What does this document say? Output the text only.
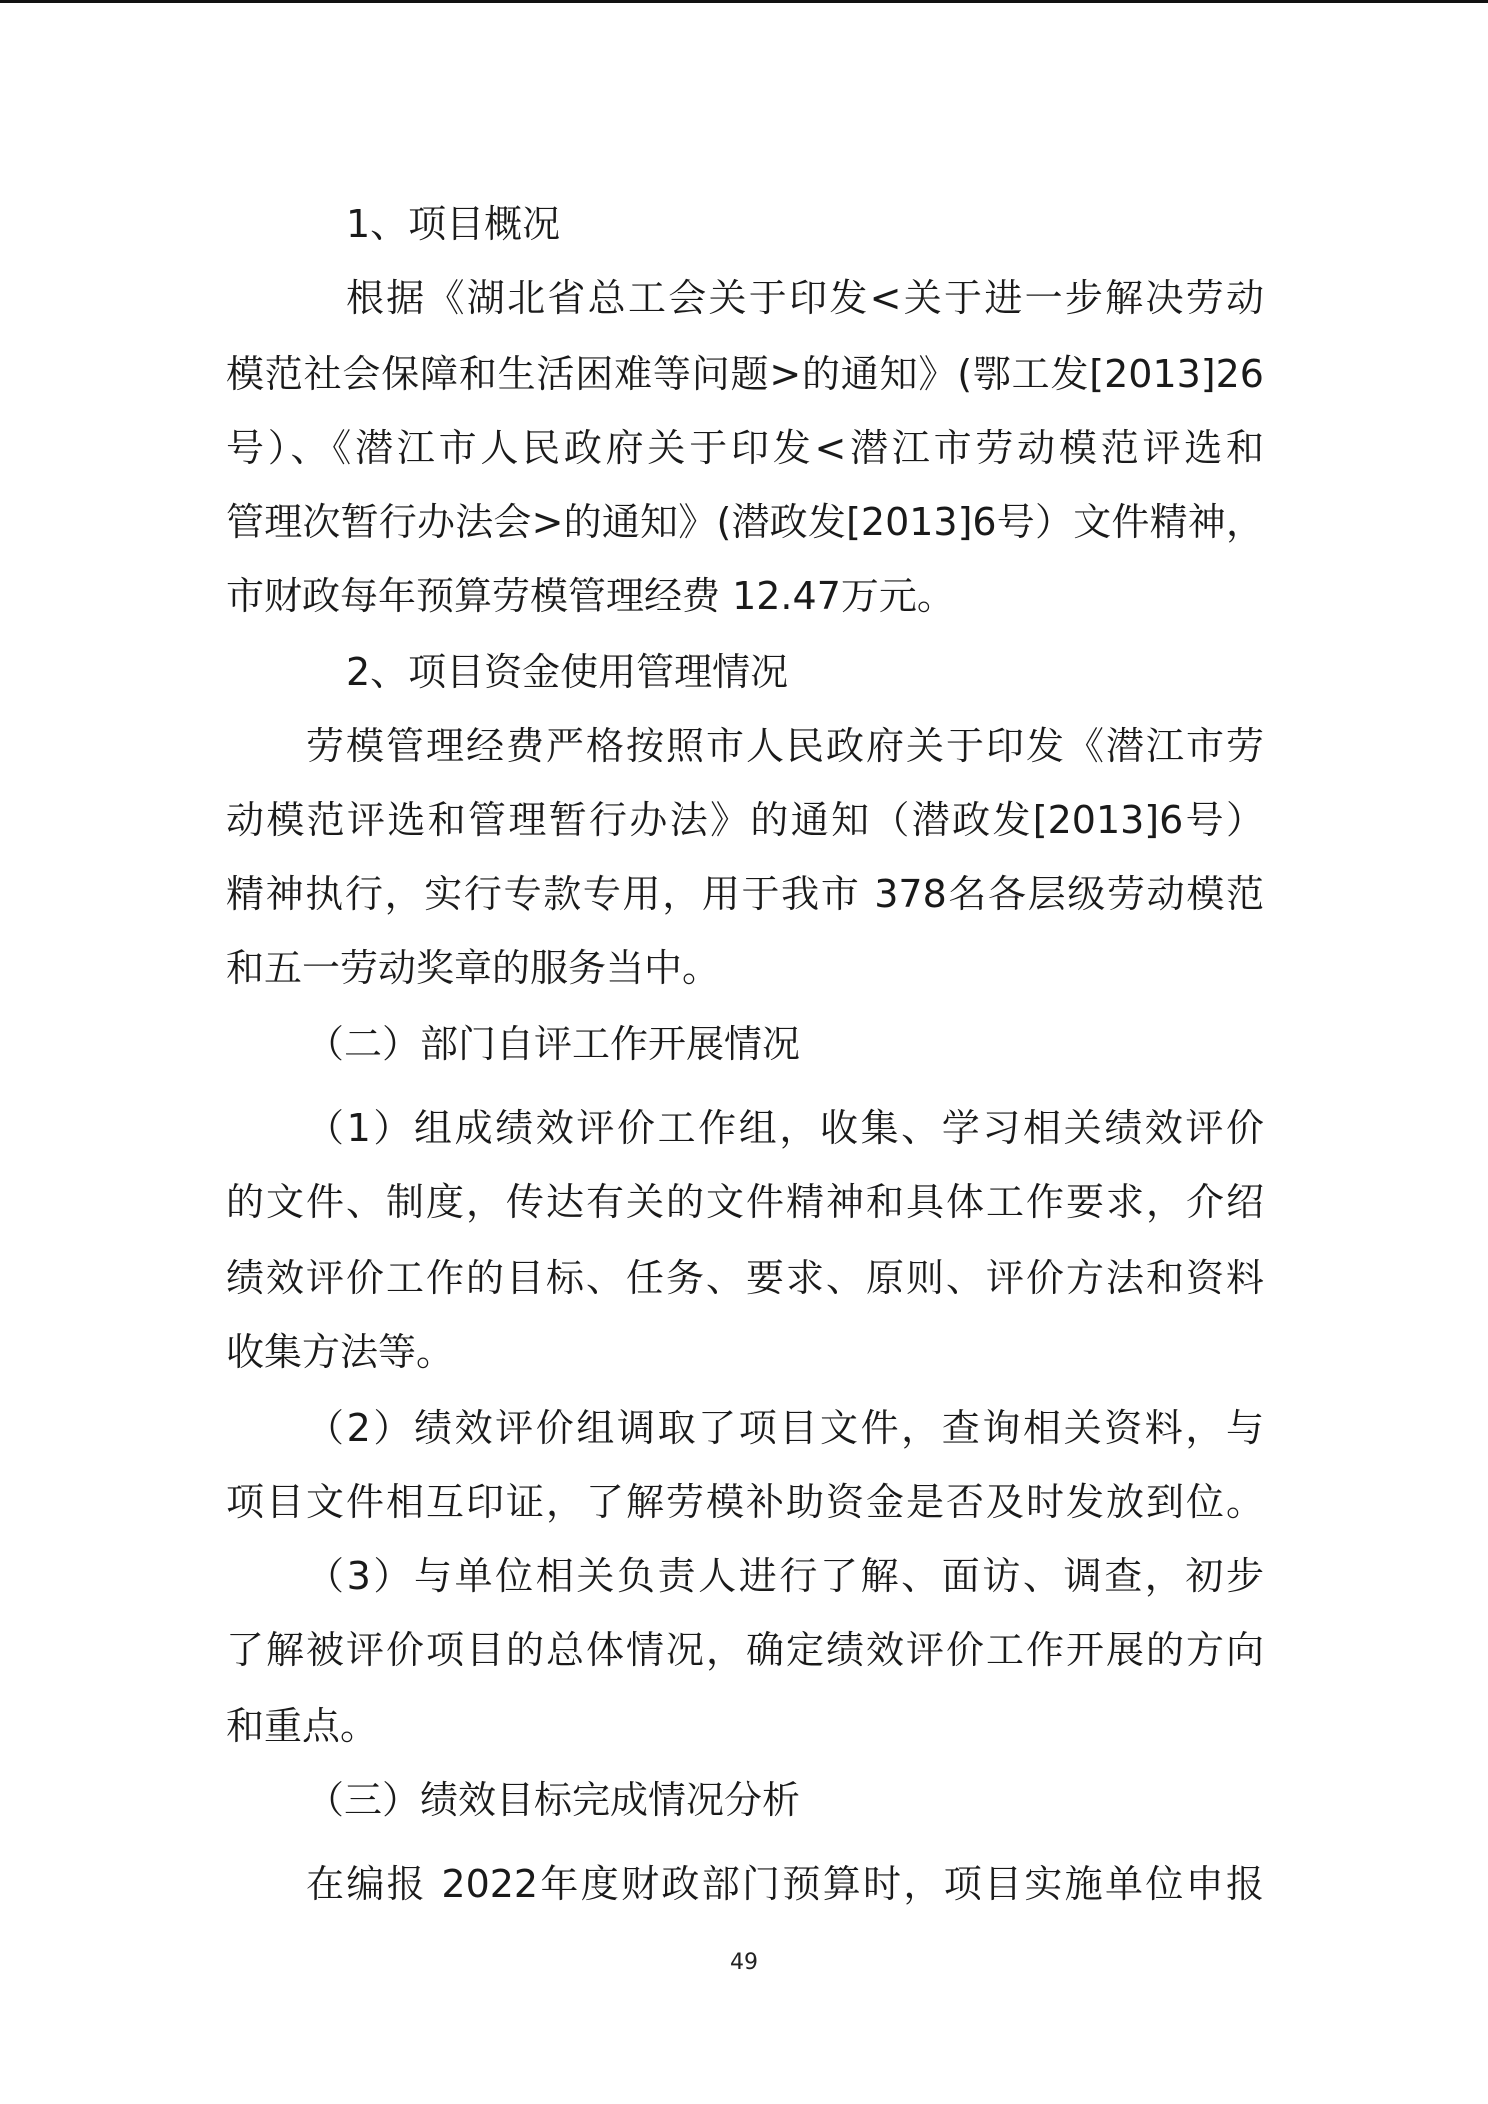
1、项目概况
根据《湖北省总工会关于印发<关于进一步解决劳动
模范社会保障和生活困难等问题>的通知》(鄂工发[2013]26
号）、《潜江市人民政府关于印发<潜江市劳动模范评选和
管理次暂行办法会>的通知》(潜政发[2013]6号）文件精神，
市财政每年预算劳模管理经费 12.47万元。
2、项目资金使用管理情况
劳模管理经费严格按照市人民政府关于印发《潜江市劳
动模范评选和管理暂行办法》的通知（潜政发[2013]6号）
精神执行，实行专款专用，用于我市 378名各层级劳动模范
和五一劳动奖章的服务当中。
（二）部门自评工作开展情况
（1）组成绩效评价工作组，收集、学习相关绩效评价
的文件、制度，传达有关的文件精神和具体工作要求，介绍
绩效评价工作的目标、任务、要求、原则、评价方法和资料
收集方法等。
（2）绩效评价组调取了项目文件，查询相关资料，与
项目文件相互印证，了解劳模补助资金是否及时发放到位。
（3）与单位相关负责人进行了解、面访、调查，初步
了解被评价项目的总体情况，确定绩效评价工作开展的方向
和重点。
（三）绩效目标完成情况分析
在编报 2022年度财政部门预算时，项目实施单位申报
49
